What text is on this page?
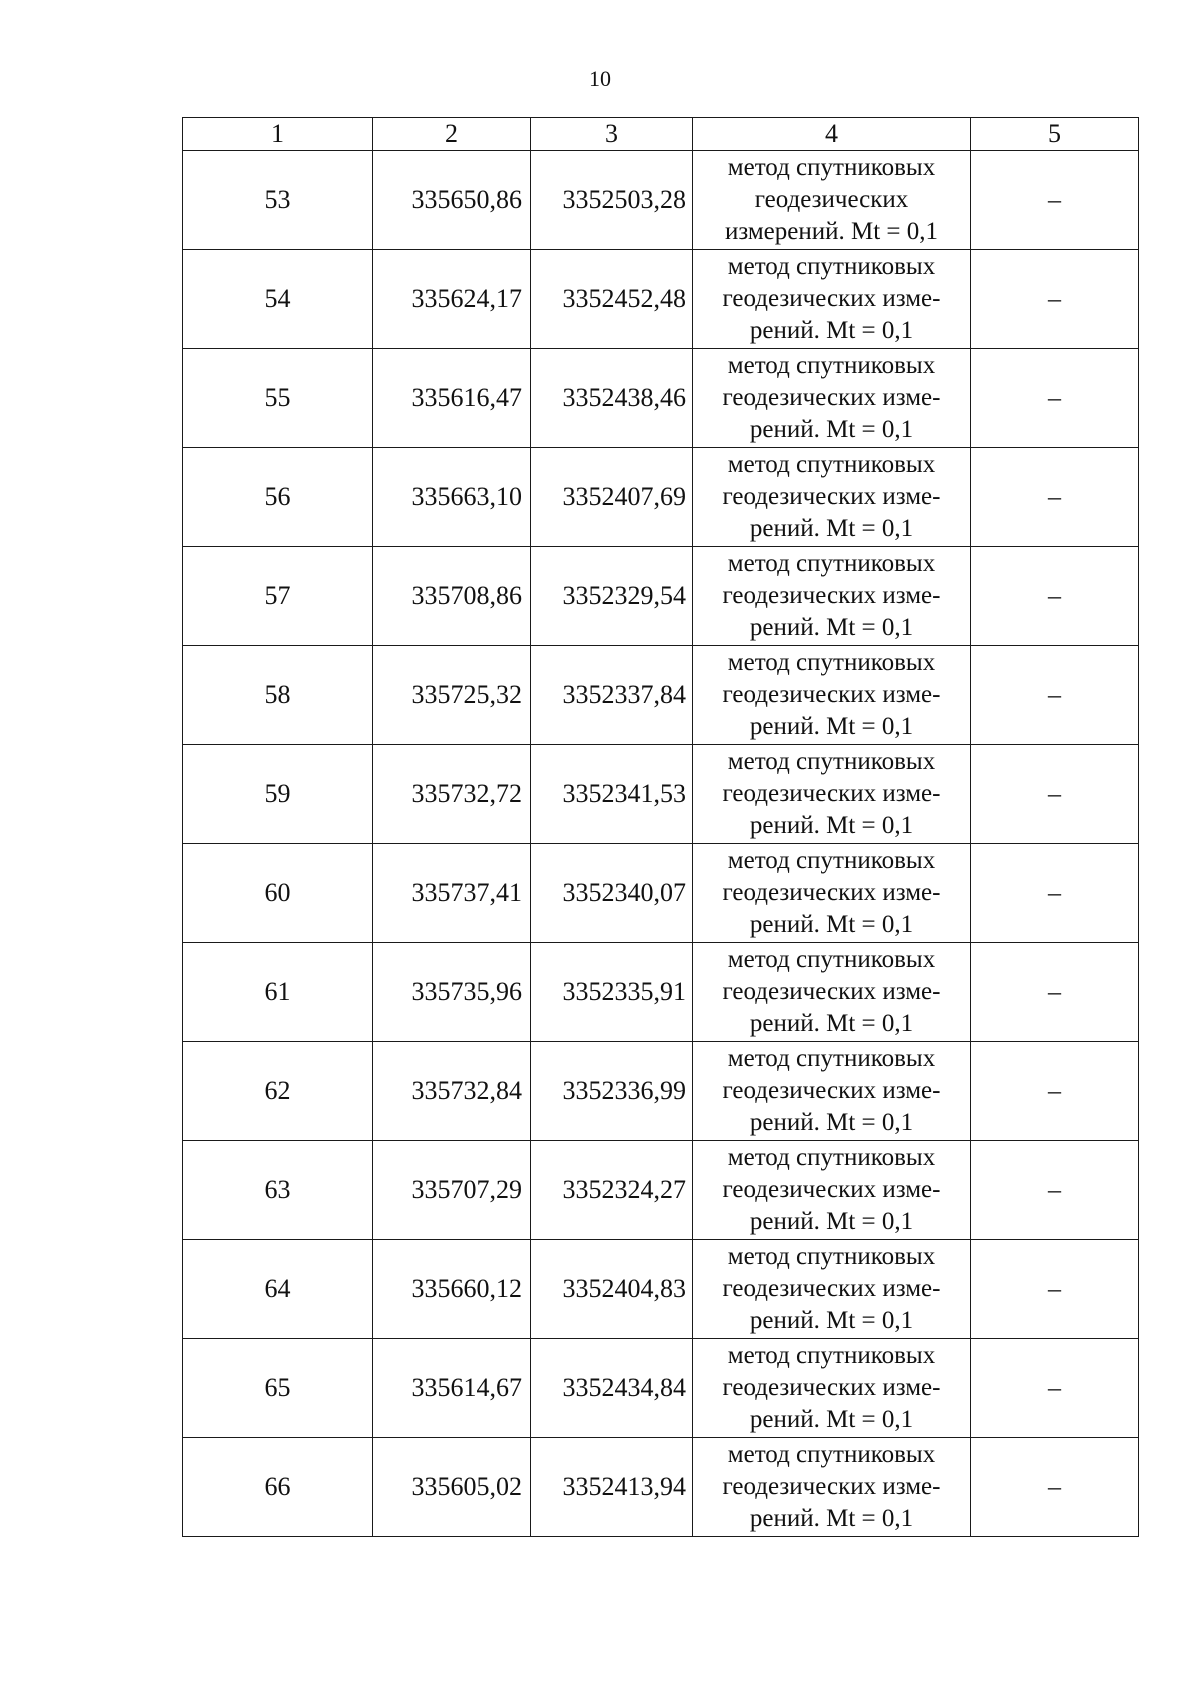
10
1	2	3	4	5
53	335650,86	3352503,28	метод спутниковых
геодезических
измерений. Mt = 0,1	–
54	335624,17	3352452,48	метод спутниковых
геодезических изме-
рений. Mt = 0,1	–
55	335616,47	3352438,46	метод спутниковых
геодезических изме-
рений. Mt = 0,1	–
56	335663,10	3352407,69	метод спутниковых
геодезических изме-
рений. Mt = 0,1	–
57	335708,86	3352329,54	метод спутниковых
геодезических изме-
рений. Mt = 0,1	–
58	335725,32	3352337,84	метод спутниковых
геодезических изме-
рений. Mt = 0,1	–
59	335732,72	3352341,53	метод спутниковых
геодезических изме-
рений. Mt = 0,1	–
60	335737,41	3352340,07	метод спутниковых
геодезических изме-
рений. Mt = 0,1	–
61	335735,96	3352335,91	метод спутниковых
геодезических изме-
рений. Mt = 0,1	–
62	335732,84	3352336,99	метод спутниковых
геодезических изме-
рений. Mt = 0,1	–
63	335707,29	3352324,27	метод спутниковых
геодезических изме-
рений. Mt = 0,1	–
64	335660,12	3352404,83	метод спутниковых
геодезических изме-
рений. Mt = 0,1	–
65	335614,67	3352434,84	метод спутниковых
геодезических изме-
рений. Mt = 0,1	–
66	335605,02	3352413,94	метод спутниковых
геодезических изме-
рений. Mt = 0,1	–
